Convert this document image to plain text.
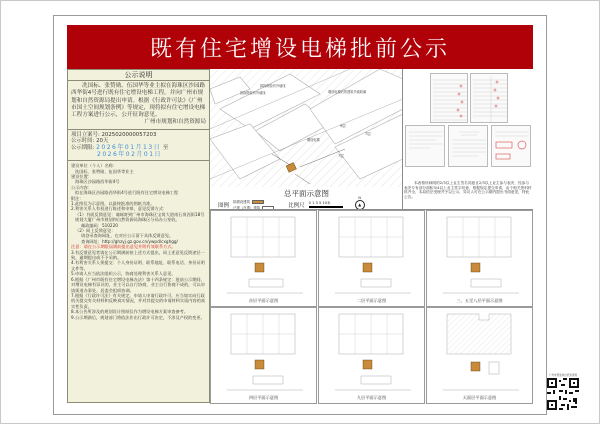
既有住宅增设电梯批前公示
公示说明
冼国标、张赞勋、伍国华等业主拟在海珠区沙园路西华街4号进行既有住宅增设电梯工程，并向广州市规划和自然资源局提出申请。根据《行政许可法》《广州市国土空间规划条例》等规定，现将拟有住宅增设电梯工程方案进行公示，公开征询意见。
广州市规划和自然资源局
项目立案号: 2025020000057203
公示时间: 20天
公示期限: 2026年01月13日 至
2026年02月01日
建设单位（个人）名称：
冼国标、张赞勋、伍国华等业主
建设位置：
海珠区沙园路西华街4号
公示内容：
拟在海珠区沙园路西华街4号进行既有住宅增设电梯工程
附注：
1.此图仅为示意图，以最终批准的图纸为准。
2.利害关系人有权进行陈述和申辩，意见反馈方式：
（1）书面反馈意见：请邮寄到广州市海珠区宝岗大道南石岗西街18号规划大厦广州市规划和自然资源局海珠区分局办公室收。
邮政编码：510220
（2）网上反馈意见：
请登录查询网址，在对应公示留下具体反馈意见。
查询网址：http://ghzyj.gz.gov.cn/ywpd/cxghgg/
注意：请在公示期限届满前提出意见并附有效联系方式。
3.有反馈意见者请在公示期满前按上述方式提出，同上述意见反馈途径一致，逾期提出或不予采纳。
4.有利害关系人须提交：个人身份证明、联系地址、联系电话、身份证明文件等。
5.申请人应当依法组织公示，协商处理利害关系人意见。
6.根据《广州市既有住宅增设电梯办法》第十四条规定：批前公示期间，对增设电梯有异议的，业主可以自行协商，业主自行协商不成的，可以申请街道办事处、居委会组织协调。
7.根据《行政许可法》有关规定，申请人申请行政许可，应当如实向行政机关提交有关材料和反映真实情况，并对其提交的申请材料实质内容的真实性负责。
8.本公告所涉及的规划设计图纸仅作为增设电梯方案审查参考。
9.公示期满后，规划部门将依法作出行政许可决定，不涉及产权的变更。
拟拆除原有外墙线
拟拆除原有外墙线	增设电梯后的建筑外墙轮廓
增设电梯
9层
7层
7层
总平面示意图
图例
拟增设建筑
已建（在建）建筑	比例尺 0 1 3 5 10米
N
▲
本表格所载明的2/3以上业主签名同意且2/3以上业主参与表决，经参与表决专有部分面积3/4以上业主签字同意，根据规定提交申请，由于相关资料材料齐全，本局依法受理并予以公示，异议人可在公示期内提出书面意见，特此公告。
首层平面示意图	二层平面示意图	三、五至八层平面示意图
四层平面示意图	九层平面示意图	天面层平面示意图
广州市规划和自然资源局
